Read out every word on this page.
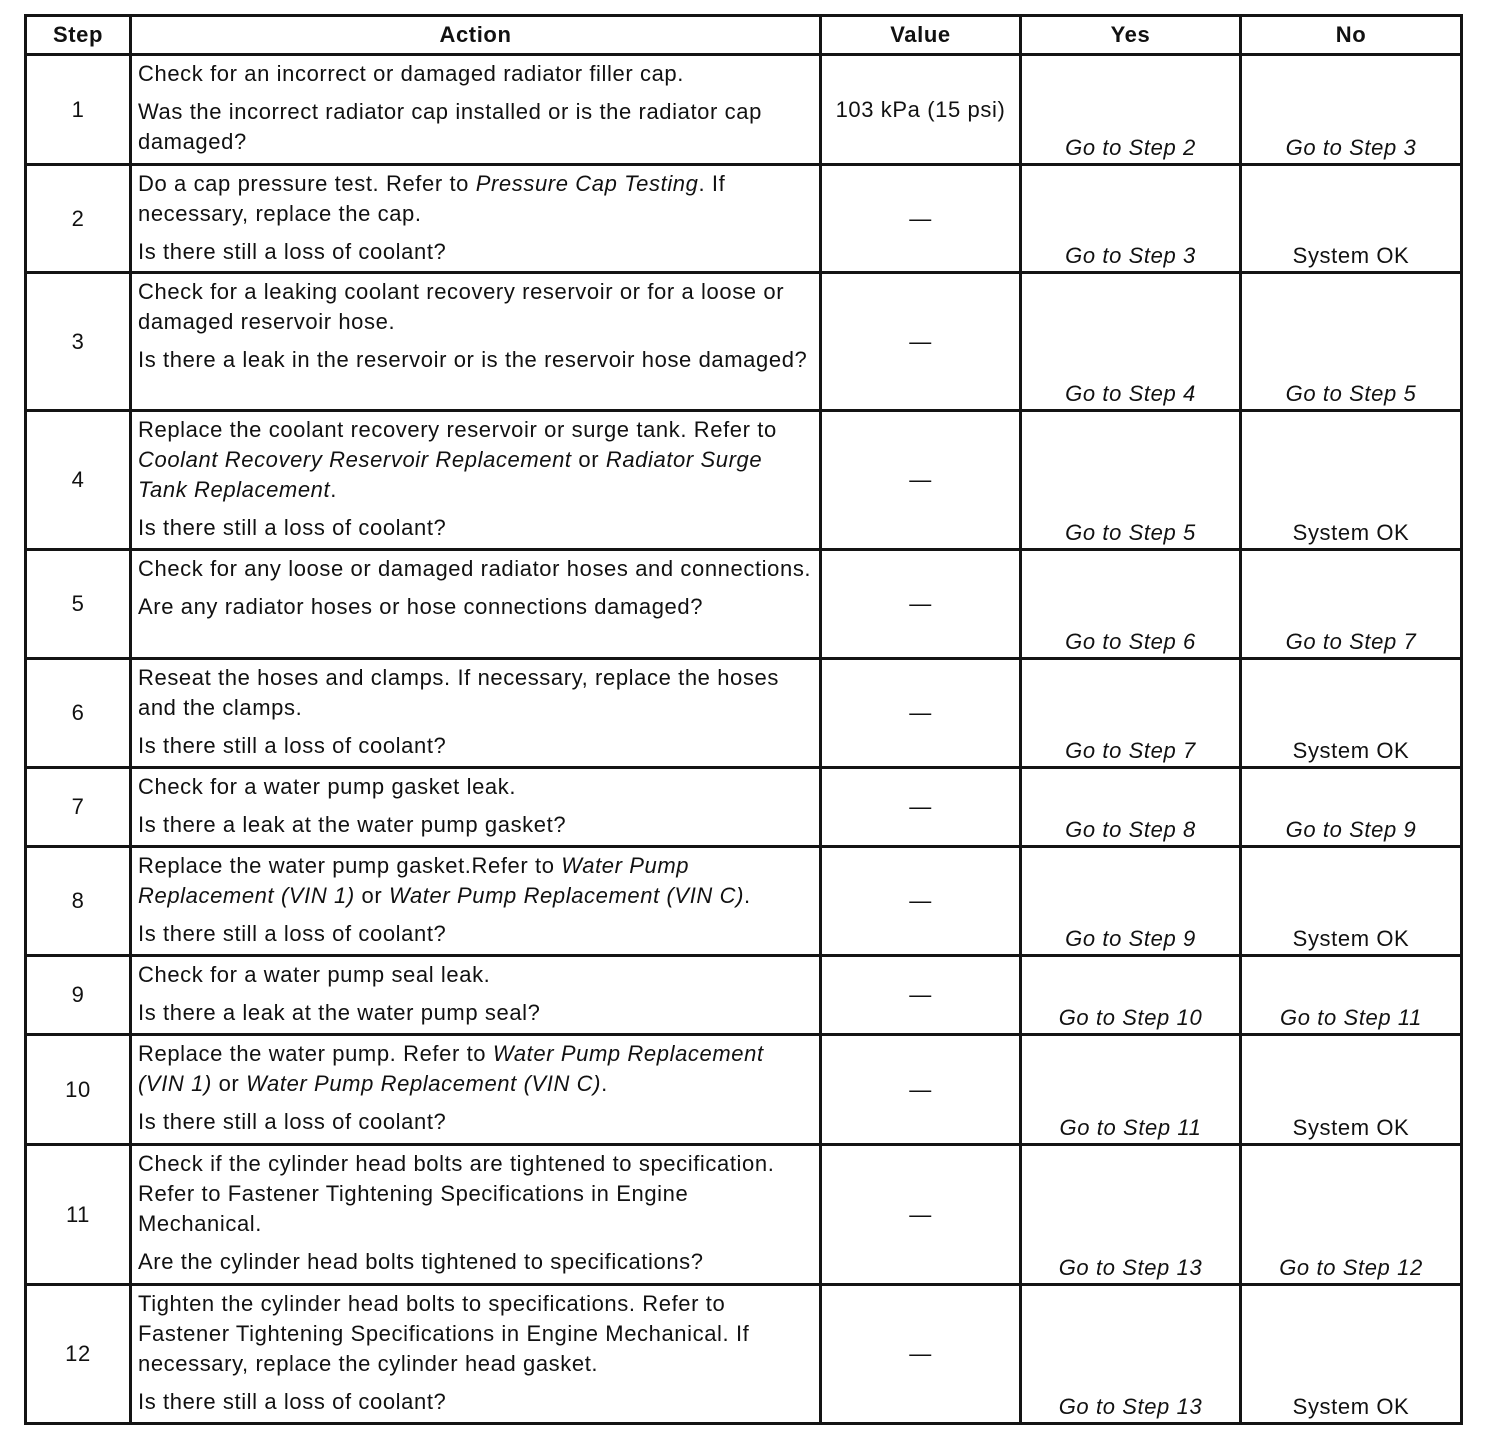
Step	Action	Value	Yes	No
1	Check for an incorrect or damaged radiator filler cap.

Was the incorrect radiator cap installed or is the radiator cap damaged?	103 kPa (15 psi)	Go to Step 2	Go to Step 3
2	Do a cap pressure test. Refer to Pressure Cap Testing. If necessary, replace the cap.

Is there still a loss of coolant?	—	Go to Step 3	System OK
3	Check for a leaking coolant recovery reservoir or for a loose or damaged reservoir hose.

Is there a leak in the reservoir or is the reservoir hose damaged?	—	Go to Step 4	Go to Step 5
4	Replace the coolant recovery reservoir or surge tank. Refer to Coolant Recovery Reservoir Replacement or Radiator Surge Tank Replacement.

Is there still a loss of coolant?	—	Go to Step 5	System OK
5	Check for any loose or damaged radiator hoses and connections.

Are any radiator hoses or hose connections damaged?	—	Go to Step 6	Go to Step 7
6	Reseat the hoses and clamps. If necessary, replace the hoses and the clamps.

Is there still a loss of coolant?	—	Go to Step 7	System OK
7	Check for a water pump gasket leak.

Is there a leak at the water pump gasket?	—	Go to Step 8	Go to Step 9
8	Replace the water pump gasket.Refer to Water Pump Replacement (VIN 1) or Water Pump Replacement (VIN C).

Is there still a loss of coolant?	—	Go to Step 9	System OK
9	Check for a water pump seal leak.

Is there a leak at the water pump seal?	—	Go to Step 10	Go to Step 11
10	Replace the water pump. Refer to Water Pump Replacement (VIN 1) or Water Pump Replacement (VIN C).

Is there still a loss of coolant?	—	Go to Step 11	System OK
11	Check if the cylinder head bolts are tightened to specification. Refer to Fastener Tightening Specifications in Engine Mechanical.

Are the cylinder head bolts tightened to specifications?	—	Go to Step 13	Go to Step 12
12	Tighten the cylinder head bolts to specifications. Refer to Fastener Tightening Specifications in Engine Mechanical. If necessary, replace the cylinder head gasket.

Is there still a loss of coolant?	—	Go to Step 13	System OK
